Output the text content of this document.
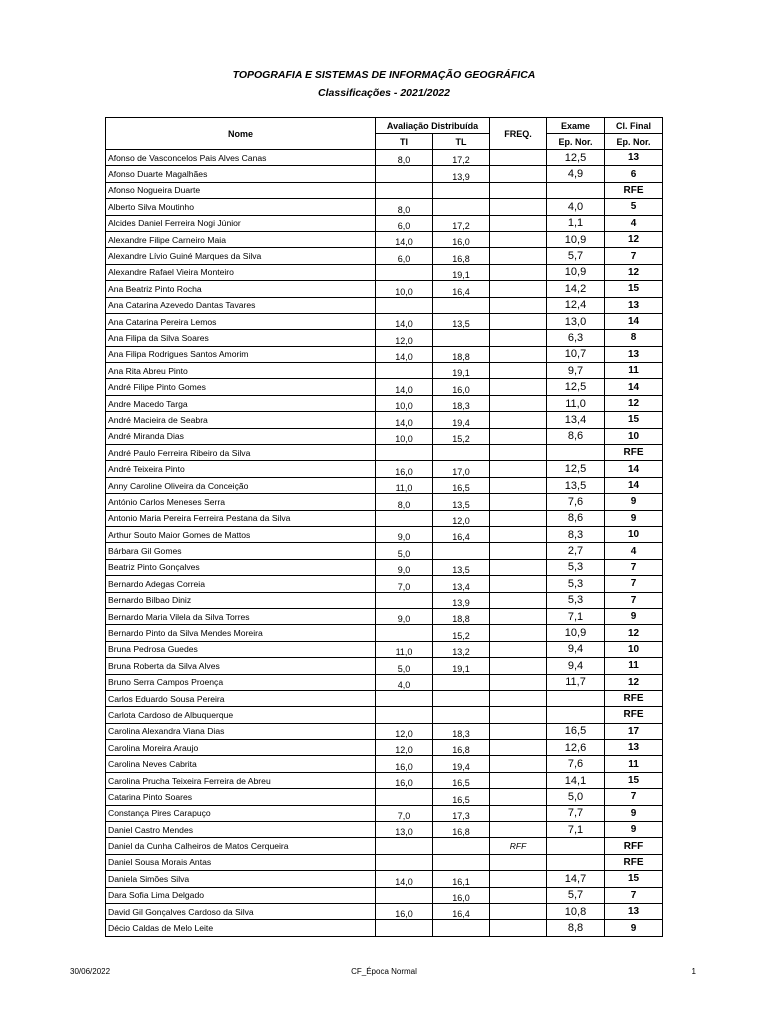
TOPOGRAFIA E SISTEMAS DE INFORMAÇÃO GEOGRÁFICA
Classificações - 2021/2022
Nome	Avaliação Distribuída		FREQ.	Exame	Cl. Final
	TI	TL		Ep. Nor.	Ep. Nor.
Afonso de Vasconcelos Pais Alves Canas	8,0	17,2		12,5	13
Afonso Duarte Magalhães		13,9		4,9	6
Afonso Nogueira Duarte					RFE
Alberto Silva Moutinho	8,0			4,0	5
Alcides Daniel Ferreira Nogi Júnior	6,0	17,2		1,1	4
Alexandre Filipe Carneiro Maia	14,0	16,0		10,9	12
Alexandre Lívio Guiné Marques da Silva	6,0	16,8		5,7	7
Alexandre Rafael Vieira Monteiro		19,1		10,9	12
Ana Beatriz Pinto Rocha	10,0	16,4		14,2	15
Ana Catarina Azevedo Dantas Tavares				12,4	13
Ana Catarina Pereira Lemos	14,0	13,5		13,0	14
Ana Filipa da Silva Soares	12,0			6,3	8
Ana Filipa Rodrigues Santos Amorim	14,0	18,8		10,7	13
Ana Rita Abreu Pinto		19,1		9,7	11
André Filipe Pinto Gomes	14,0	16,0		12,5	14
Andre Macedo Targa	10,0	18,3		11,0	12
André Macieira de Seabra	14,0	19,4		13,4	15
André Miranda Dias	10,0	15,2		8,6	10
André Paulo Ferreira Ribeiro da Silva					RFE
André Teixeira Pinto	16,0	17,0		12,5	14
Anny Caroline Oliveira da Conceição	11,0	16,5		13,5	14
António Carlos Meneses Serra	8,0	13,5		7,6	9
Antonio Maria Pereira Ferreira Pestana da Silva		12,0		8,6	9
Arthur Souto Maior Gomes de Mattos	9,0	16,4		8,3	10
Bárbara Gil Gomes	5,0			2,7	4
Beatriz Pinto Gonçalves	9,0	13,5		5,3	7
Bernardo Adegas Correia	7,0	13,4		5,3	7
Bernardo Bilbao Diniz		13,9		5,3	7
Bernardo Maria Vilela da Silva Torres	9,0	18,8		7,1	9
Bernardo Pinto da Silva Mendes Moreira		15,2		10,9	12
Bruna Pedrosa Guedes	11,0	13,2		9,4	10
Bruna Roberta da Silva Alves	5,0	19,1		9,4	11
Bruno Serra Campos Proença	4,0			11,7	12
Carlos Eduardo Sousa Pereira					RFE
Carlota Cardoso de Albuquerque					RFE
Carolina Alexandra Viana Dias	12,0	18,3		16,5	17
Carolina Moreira Araujo	12,0	16,8		12,6	13
Carolina Neves Cabrita	16,0	19,4		7,6	11
Carolina Prucha Teixeira Ferreira de Abreu	16,0	16,5		14,1	15
Catarina Pinto Soares		16,5		5,0	7
Constança Pires Carapuço	7,0	17,3		7,7	9
Daniel Castro Mendes	13,0	16,8		7,1	9
Daniel da Cunha Calheiros de Matos Cerqueira			RFF		RFF
Daniel Sousa Morais Antas					RFE
Daniela Simões Silva	14,0	16,1		14,7	15
Dara Sofia Lima Delgado		16,0		5,7	7
David Gil Gonçalves Cardoso da Silva	16,0	16,4		10,8	13
Décio Caldas de Melo Leite				8,8	9
30/06/2022	CF_Época Normal	1
